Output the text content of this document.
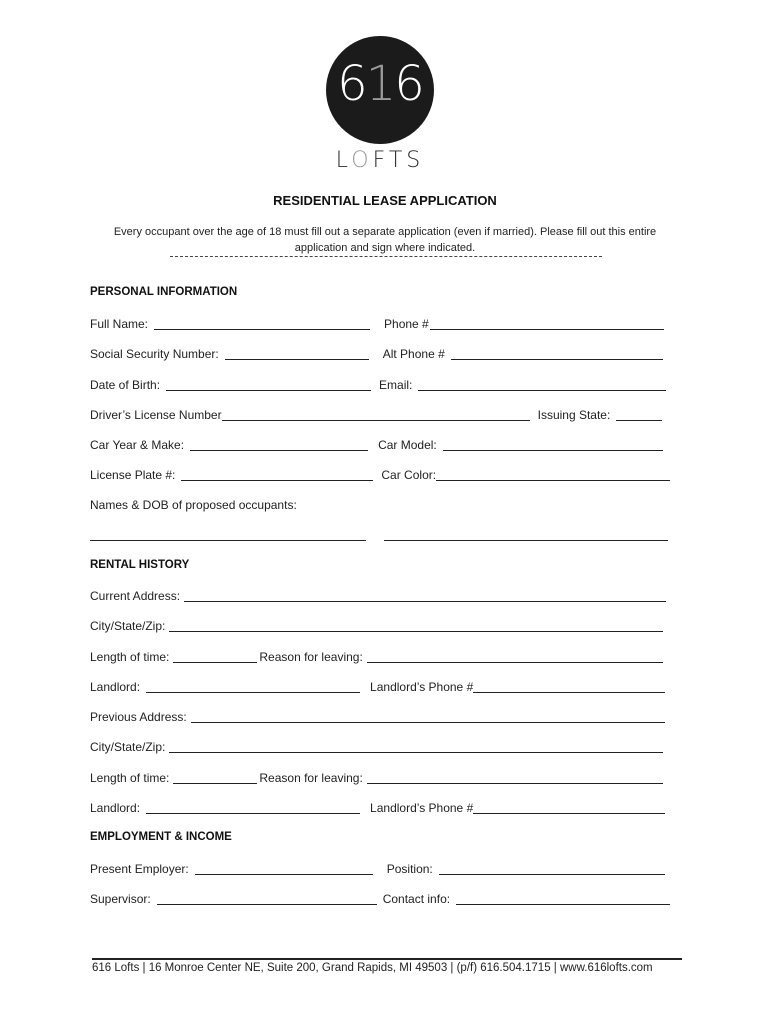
616
LOFTS
RESIDENTIAL LEASE APPLICATION
Every occupant over the age of 18 must fill out a separate application (even if married). Please fill out this entire application and sign where indicated.
PERSONAL INFORMATION
Full Name:	Phone #
Social Security Number:	Alt Phone #
Date of Birth:	Email:
Driver’s License Number	Issuing State:
Car Year & Make:	Car Model:
License Plate #:	Car Color:
Names & DOB of proposed occupants:
RENTAL HISTORY
Current Address:
City/State/Zip:
Length of time:	Reason for leaving:
Landlord:	Landlord’s Phone #
Previous Address:
City/State/Zip:
Length of time:	Reason for leaving:
Landlord:	Landlord’s Phone #
EMPLOYMENT & INCOME
Present Employer:	Position:
Supervisor:	Contact info:
616 Lofts | 16 Monroe Center NE, Suite 200, Grand Rapids, MI 49503 | (p/f) 616.504.1715 | www.616lofts.com
